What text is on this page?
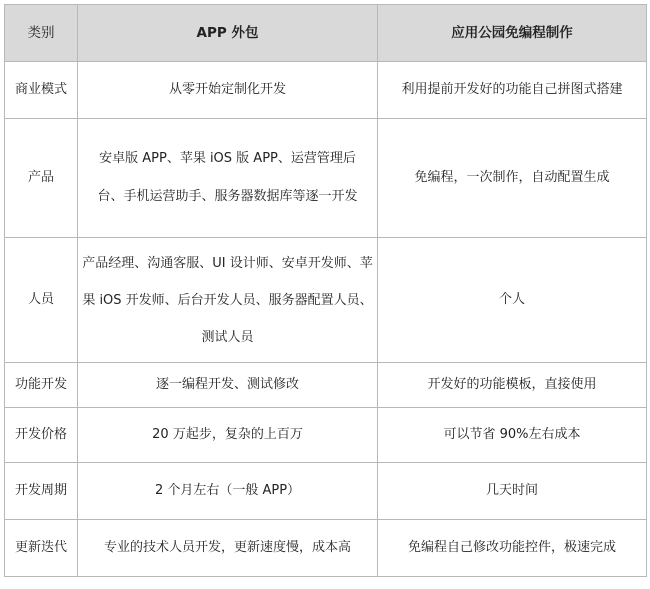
类别	APP 外包	应用公园免编程制作
商业模式	从零开始定制化开发	利用提前开发好的功能自己拼图式搭建
产品	安卓版 APP、苹果 iOS 版 APP、运营管理后台、手机运营助手、服务器数据库等逐一开发	免编程，一次制作，自动配置生成
人员	产品经理、沟通客服、UI 设计师、安卓开发师、苹果 iOS 开发师、后台开发人员、服务器配置人员、测试人员	个人
功能开发	逐一编程开发、测试修改	开发好的功能模板，直接使用
开发价格	20 万起步，复杂的上百万	可以节省 90%左右成本
开发周期	2 个月左右（一般 APP）	几天时间
更新迭代	专业的技术人员开发，更新速度慢，成本高	免编程自己修改功能控件，极速完成
